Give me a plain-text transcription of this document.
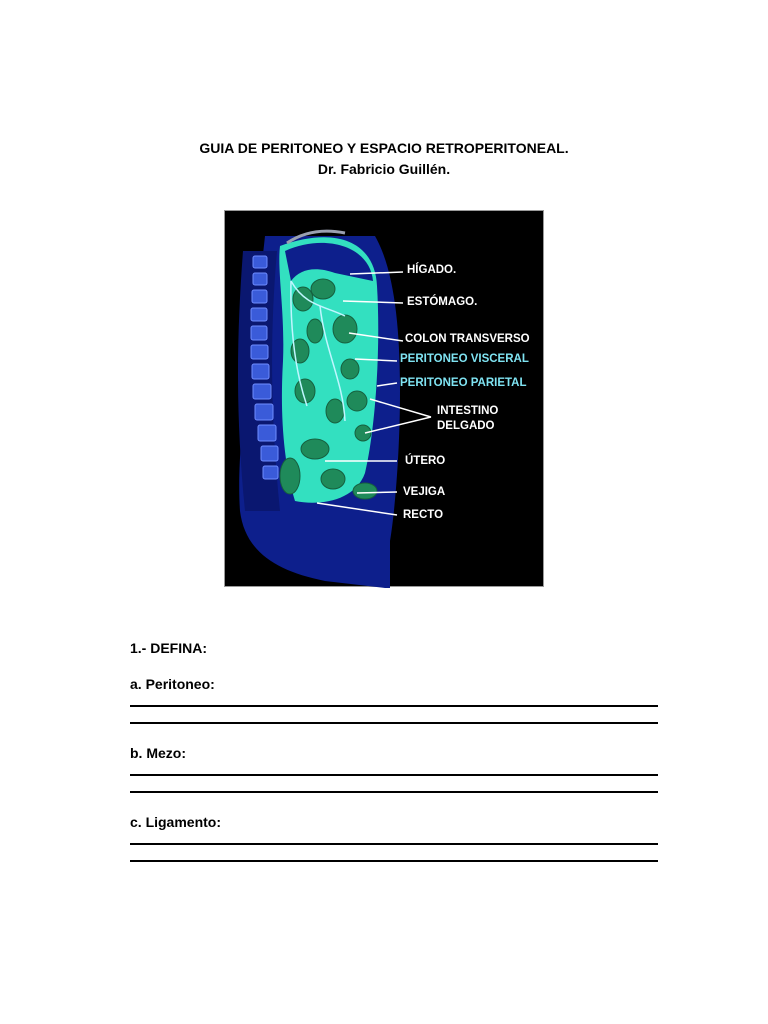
GUIA DE PERITONEO Y ESPACIO RETROPERITONEAL.
Dr. Fabricio Guillén.
HÍGADO.
ESTÓMAGO.
COLON TRANSVERSO
PERITONEO VISCERAL
PERITONEO PARIETAL
INTESTINO
DELGADO
ÚTERO
VEJIGA
RECTO
1.- DEFINA:
a. Peritoneo:
b. Mezo:
c. Ligamento:
